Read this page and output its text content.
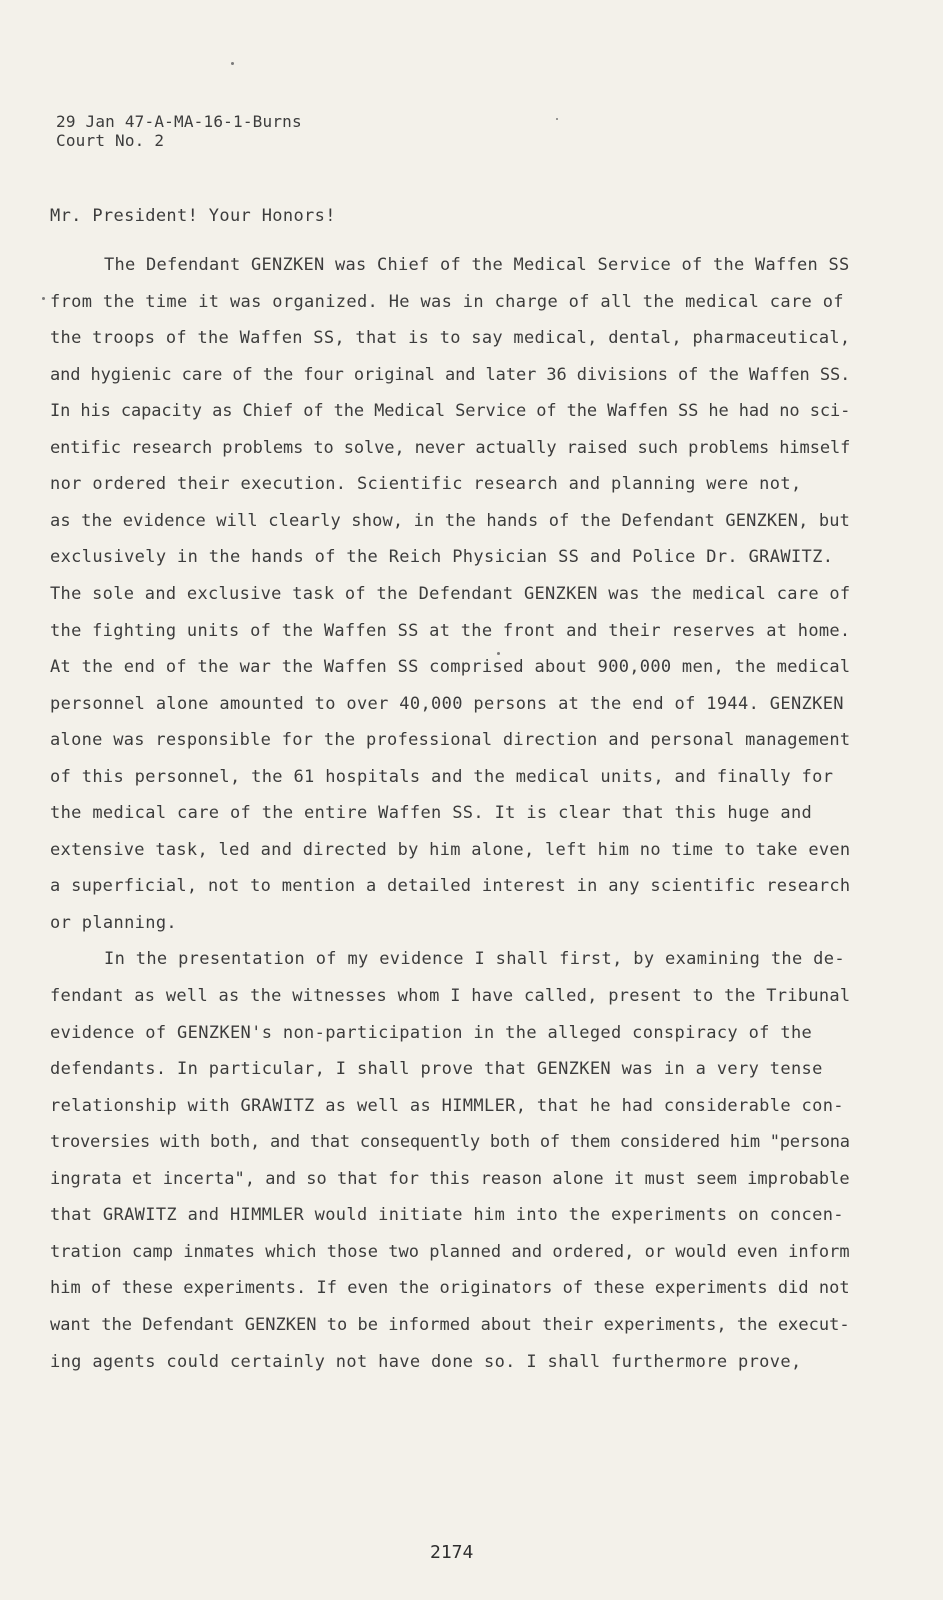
29 Jan 47-A-MA-16-1-Burns
Court No. 2
Mr. President! Your Honors!
The Defendant GENZKEN was Chief of the Medical Service of the Waffen SS
from the time it was organized. He was in charge of all the medical care of
the troops of the Waffen SS, that is to say medical, dental, pharmaceutical,
and hygienic care of the four original and later 36 divisions of the Waffen SS.
In his capacity as Chief of the Medical Service of the Waffen SS he had no sci-
entific research problems to solve, never actually raised such problems himself
nor ordered their execution. Scientific research and planning were not,
as the evidence will clearly show, in the hands of the Defendant GENZKEN, but
exclusively in the hands of the Reich Physician SS and Police Dr. GRAWITZ.
The sole and exclusive task of the Defendant GENZKEN was the medical care of
the fighting units of the Waffen SS at the front and their reserves at home.
At the end of the war the Waffen SS comprised about 900,000 men, the medical
personnel alone amounted to over 40,000 persons at the end of 1944. GENZKEN
alone was responsible for the professional direction and personal management
of this personnel, the 61 hospitals and the medical units, and finally for
the medical care of the entire Waffen SS. It is clear that this huge and
extensive task, led and directed by him alone, left him no time to take even
a superficial, not to mention a detailed interest in any scientific research
or planning.
In the presentation of my evidence I shall first, by examining the de-
fendant as well as the witnesses whom I have called, present to the Tribunal
evidence of GENZKEN's non-participation in the alleged conspiracy of the
defendants. In particular, I shall prove that GENZKEN was in a very tense
relationship with GRAWITZ as well as HIMMLER, that he had considerable con-
troversies with both, and that consequently both of them considered him "persona
ingrata et incerta", and so that for this reason alone it must seem improbable
that GRAWITZ and HIMMLER would initiate him into the experiments on concen-
tration camp inmates which those two planned and ordered, or would even inform
him of these experiments. If even the originators of these experiments did not
want the Defendant GENZKEN to be informed about their experiments, the execut-
ing agents could certainly not have done so. I shall furthermore prove,
2174
